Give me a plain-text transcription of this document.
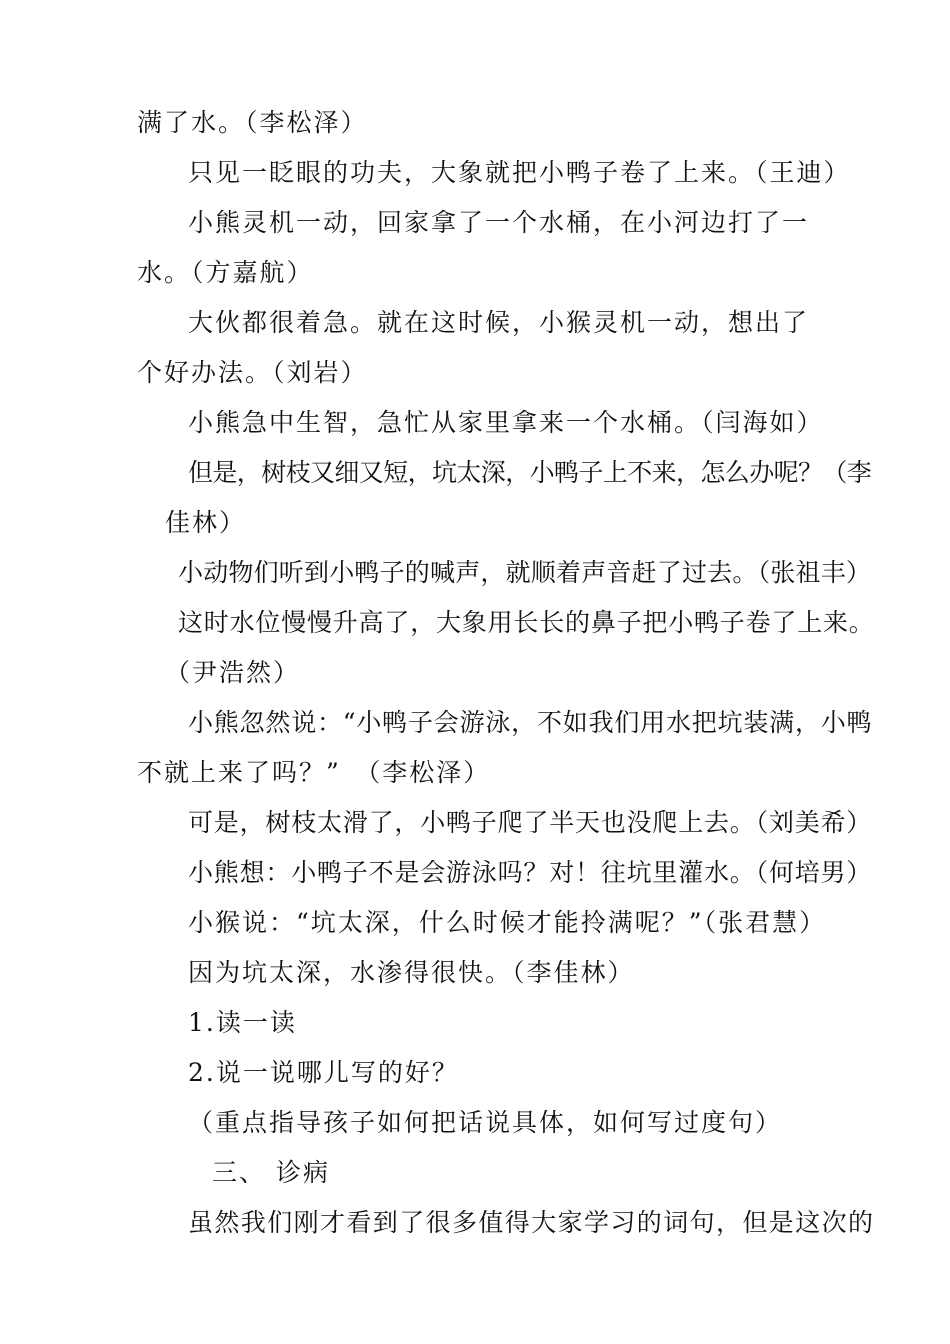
满了水。（李松泽）

只见一眨眼的功夫，大象就把小鸭子卷了上来。（王迪）

小熊灵机一动，回家拿了一个水桶，在小河边打了一

水。（方嘉航）

大伙都很着急。就在这时候，小猴灵机一动，想出了

个好办法。（刘岩）

小熊急中生智，急忙从家里拿来一个水桶。（闫海如）

但是，树枝又细又短，坑太深，小鸭子上不来，怎么办呢？（李

佳林）

小动物们听到小鸭子的喊声，就顺着声音赶了过去。（张祖丰）

这时水位慢慢升高了，大象用长长的鼻子把小鸭子卷了上来。

（尹浩然）

小熊忽然说：“小鸭子会游泳，不如我们用水把坑装满，小鸭

不就上来了吗？”　（李松泽）

可是，树枝太滑了，小鸭子爬了半天也没爬上去。（刘美希）

小熊想：小鸭子不是会游泳吗？对！往坑里灌水。（何培男）

小猴说：“坑太深，什么时候才能拎满呢？”（张君慧）

因为坑太深，水渗得很快。（李佳林）

1.读一读

2.说一说哪儿写的好？

（重点指导孩子如何把话说具体，如何写过度句）

三、 诊病

虽然我们刚才看到了很多值得大家学习的词句，但是这次的
